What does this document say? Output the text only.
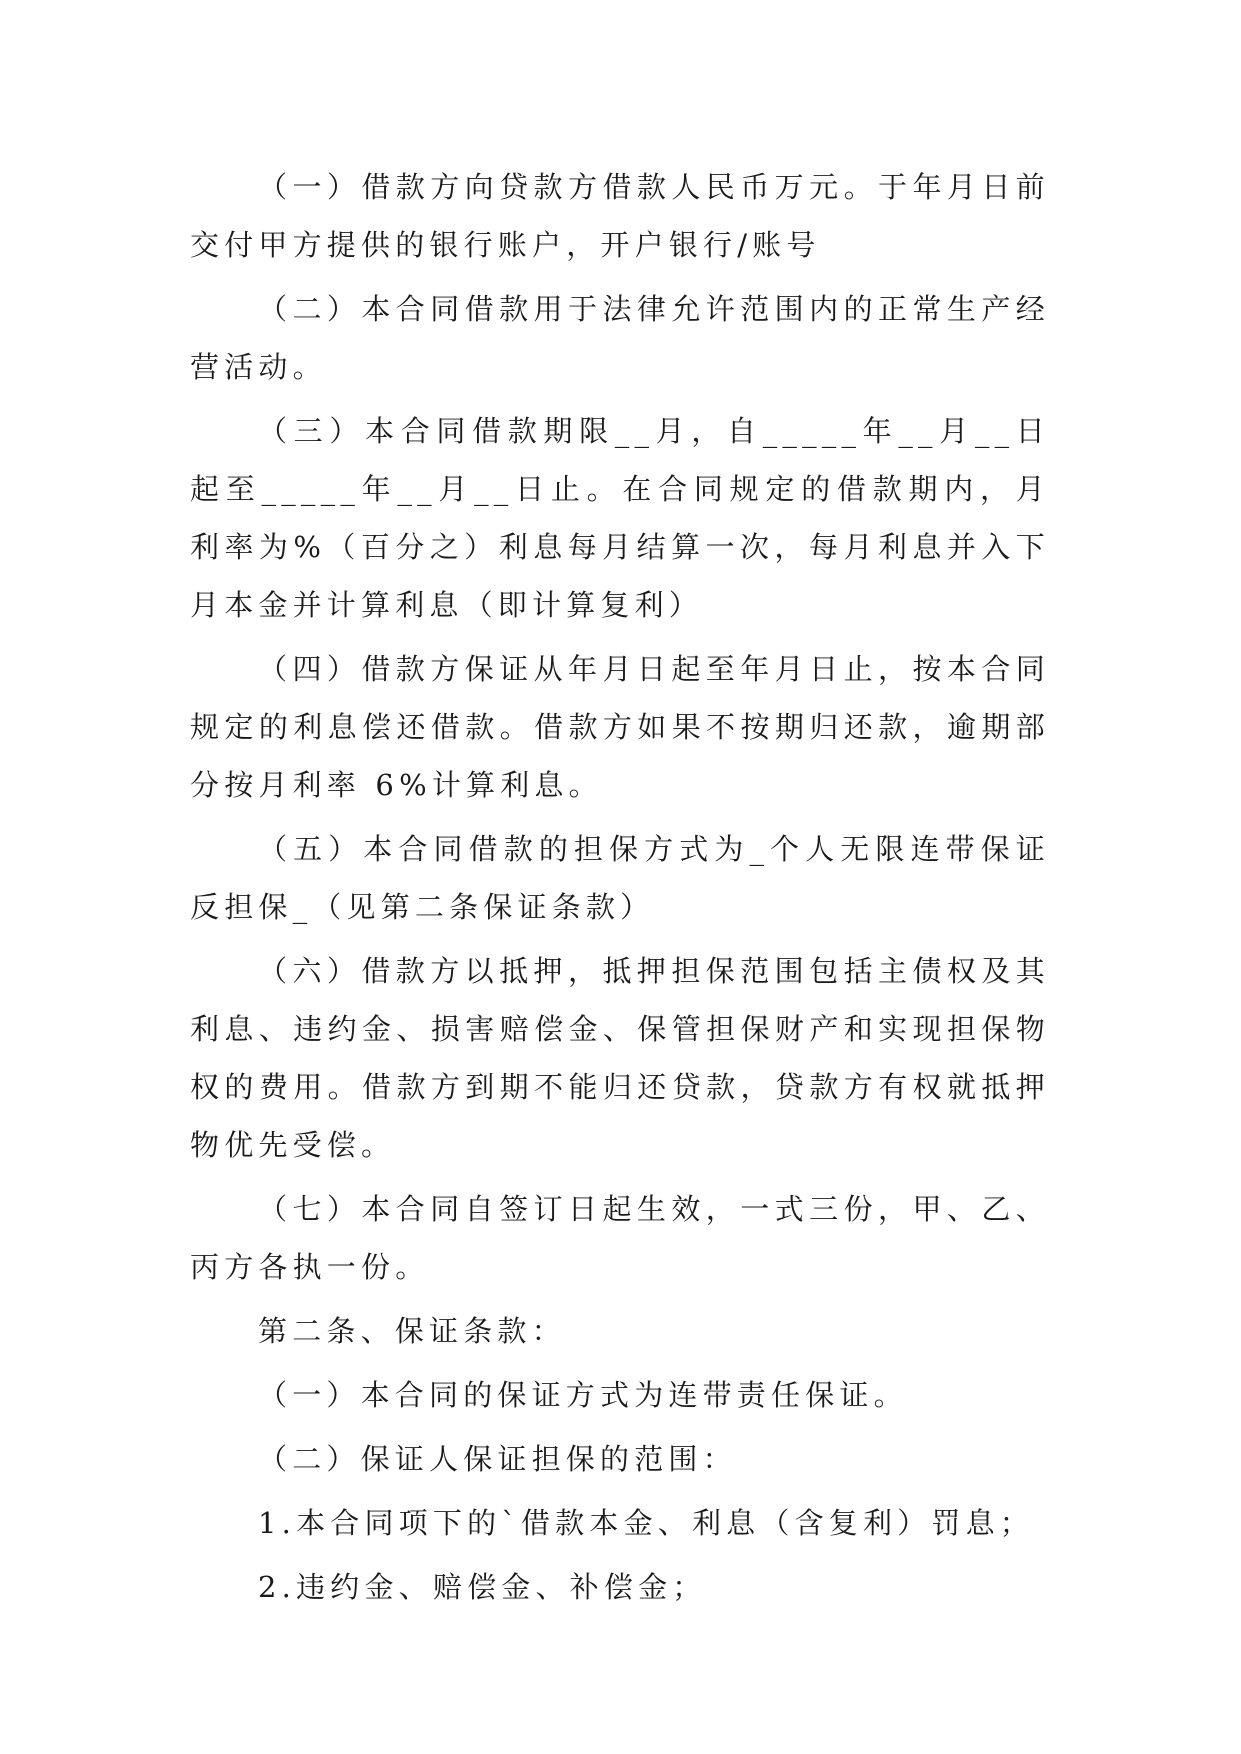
（一）借款方向贷款方借款人民币万元。于年月日前交付甲方提供的银行账户，开户银行/账号

（二）本合同借款用于法律允许范围内的正常生产经营活动。

（三）本合同借款期限__月，自_____年__月__日起至_____年__月__日止。在合同规定的借款期内，月利率为%（百分之）利息每月结算一次，每月利息并入下月本金并计算利息（即计算复利）

（四）借款方保证从年月日起至年月日止，按本合同规定的利息偿还借款。借款方如果不按期归还款，逾期部分按月利率 6%计算利息。

（五）本合同借款的担保方式为_个人无限连带保证反担保_（见第二条保证条款）

（六）借款方以抵押，抵押担保范围包括主债权及其利息、违约金、损害赔偿金、保管担保财产和实现担保物权的费用。借款方到期不能归还贷款，贷款方有权就抵押物优先受偿。

（七）本合同自签订日起生效，一式三份，甲、乙、丙方各执一份。

第二条、保证条款：

（一）本合同的保证方式为连带责任保证。

（二）保证人保证担保的范围：

1.本合同项下的`借款本金、利息（含复利）罚息；

2.违约金、赔偿金、补偿金；
